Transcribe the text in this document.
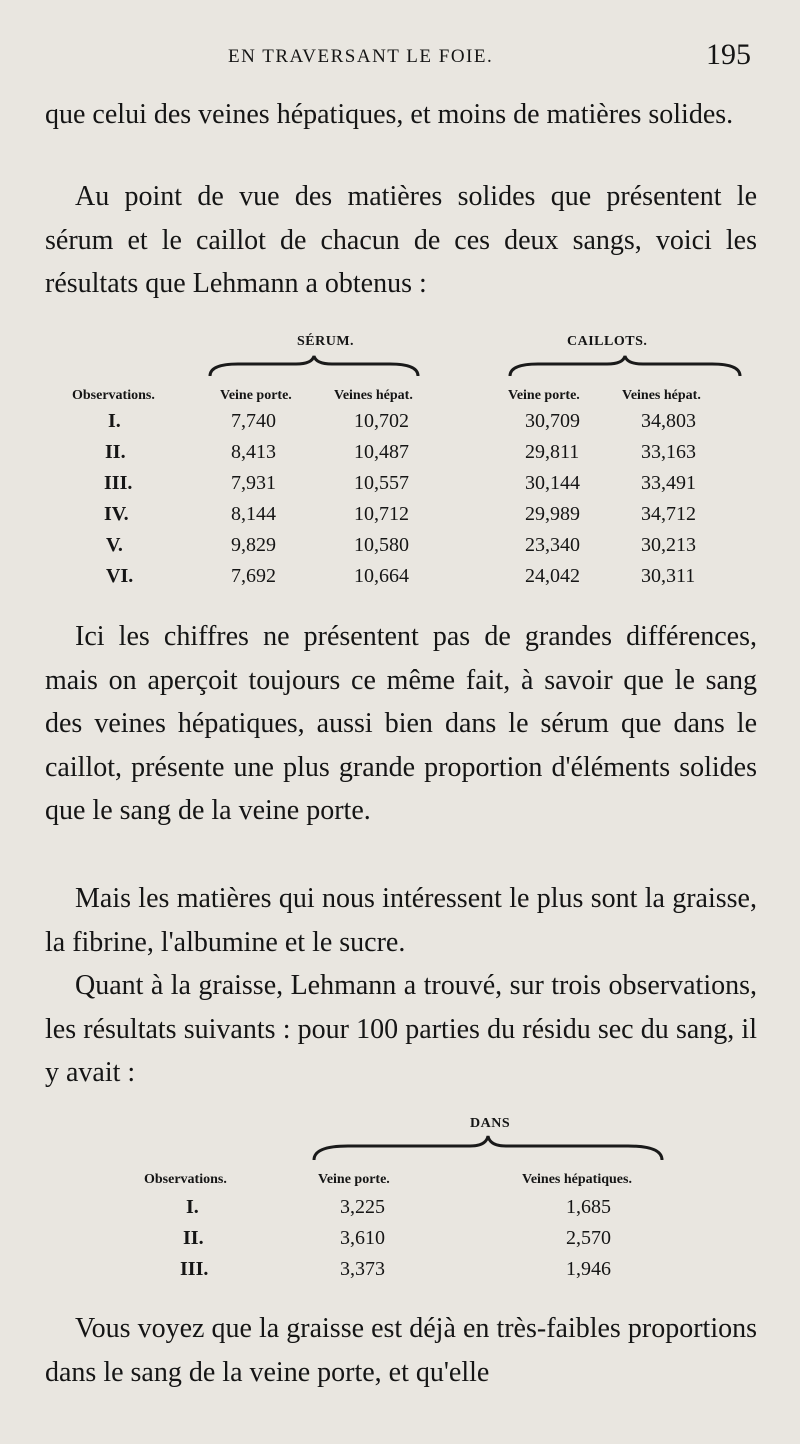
EN TRAVERSANT LE FOIE.	195

que celui des veines hépatiques, et moins de matières solides.

Au point de vue des matières solides que présentent le sérum et le caillot de chacun de ces deux sangs, voici les résultats que Lehmann a obtenus :

SÉRUM.	CAILLOTS.
Observations.	Veine porte.	Veines hépat.	Veine porte.	Veines hépat.
I.	7,740	10,702	30,709	34,803
II.	8,413	10,487	29,811	33,163
III.	7,931	10,557	30,144	33,491
IV.	8,144	10,712	29,989	34,712
V.	9,829	10,580	23,340	30,213
VI.	7,692	10,664	24,042	30,311

Ici les chiffres ne présentent pas de grandes différences, mais on aperçoit toujours ce même fait, à savoir que le sang des veines hépatiques, aussi bien dans le sérum que dans le caillot, présente une plus grande proportion d'éléments solides que le sang de la veine porte.

Mais les matières qui nous intéressent le plus sont la graisse, la fibrine, l'albumine et le sucre.

Quant à la graisse, Lehmann a trouvé, sur trois observations, les résultats suivants : pour 100 parties du résidu sec du sang, il y avait :

DANS
Observations.	Veine porte.	Veines hépatiques.
I.	3,225	1,685
II.	3,610	2,570
III.	3,373	1,946

Vous voyez que la graisse est déjà en très-faibles proportions dans le sang de la veine porte, et qu'elle
